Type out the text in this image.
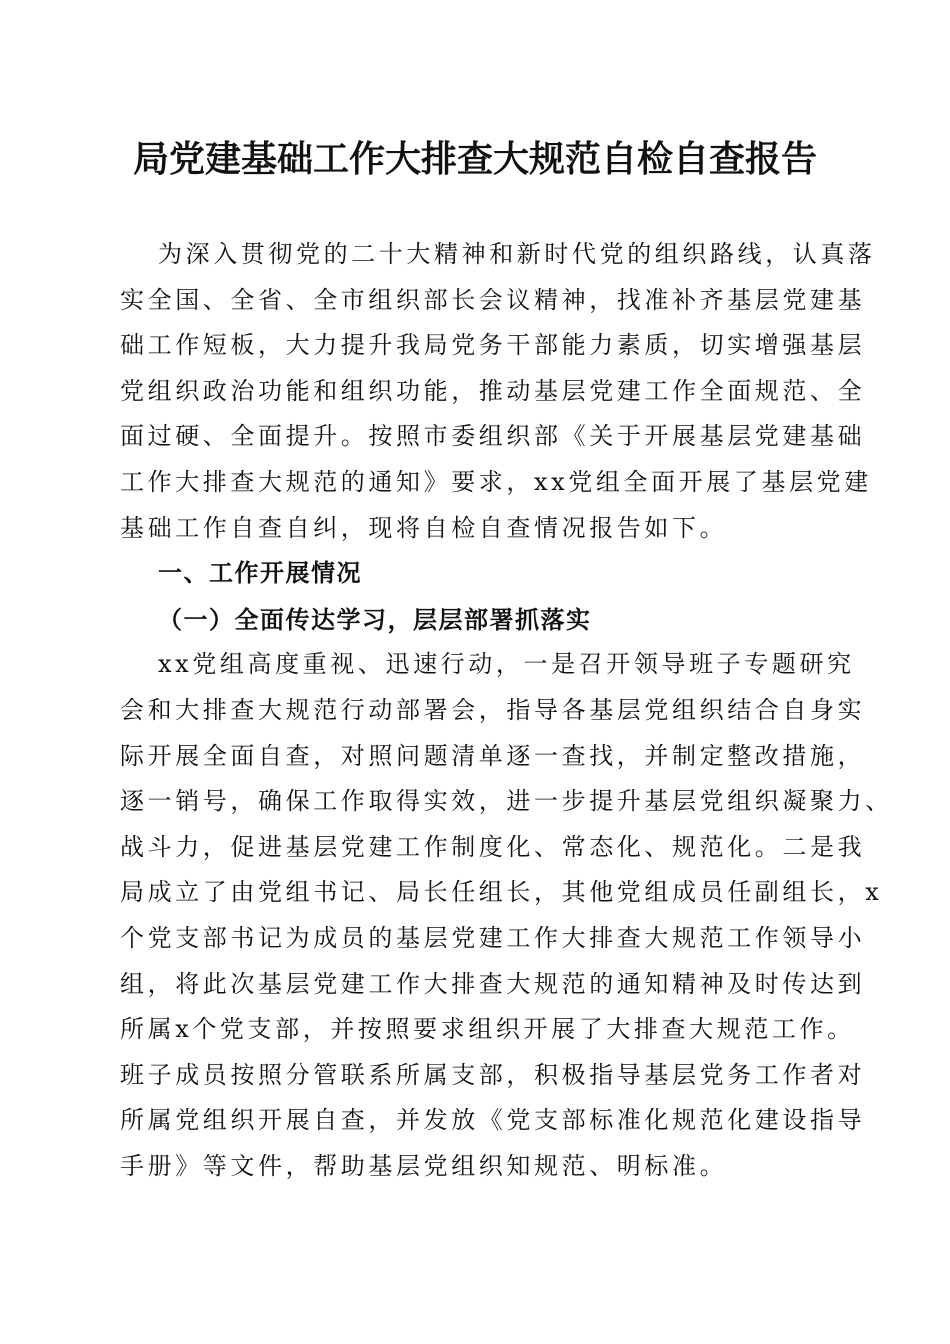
局党建基础工作大排查大规范自检自查报告
为深入贯彻党的二十大精神和新时代党的组织路线，认真落
实全国、全省、全市组织部长会议精神，找准补齐基层党建基
础工作短板，大力提升我局党务干部能力素质，切实增强基层
党组织政治功能和组织功能，推动基层党建工作全面规范、全
面过硬、全面提升。按照市委组织部《关于开展基层党建基础
工作大排查大规范的通知》要求，xx党组全面开展了基层党建
基础工作自查自纠，现将自检自查情况报告如下。
一、工作开展情况
（一）全面传达学习，层层部署抓落实
xx党组高度重视、迅速行动，一是召开领导班子专题研究
会和大排查大规范行动部署会，指导各基层党组织结合自身实
际开展全面自查，对照问题清单逐一查找，并制定整改措施，
逐一销号，确保工作取得实效，进一步提升基层党组织凝聚力、
战斗力，促进基层党建工作制度化、常态化、规范化。二是我
局成立了由党组书记、局长任组长，其他党组成员任副组长，x
个党支部书记为成员的基层党建工作大排查大规范工作领导小
组，将此次基层党建工作大排查大规范的通知精神及时传达到
所属x个党支部，并按照要求组织开展了大排查大规范工作。
班子成员按照分管联系所属支部，积极指导基层党务工作者对
所属党组织开展自查，并发放《党支部标准化规范化建设指导
手册》等文件，帮助基层党组织知规范、明标准。
